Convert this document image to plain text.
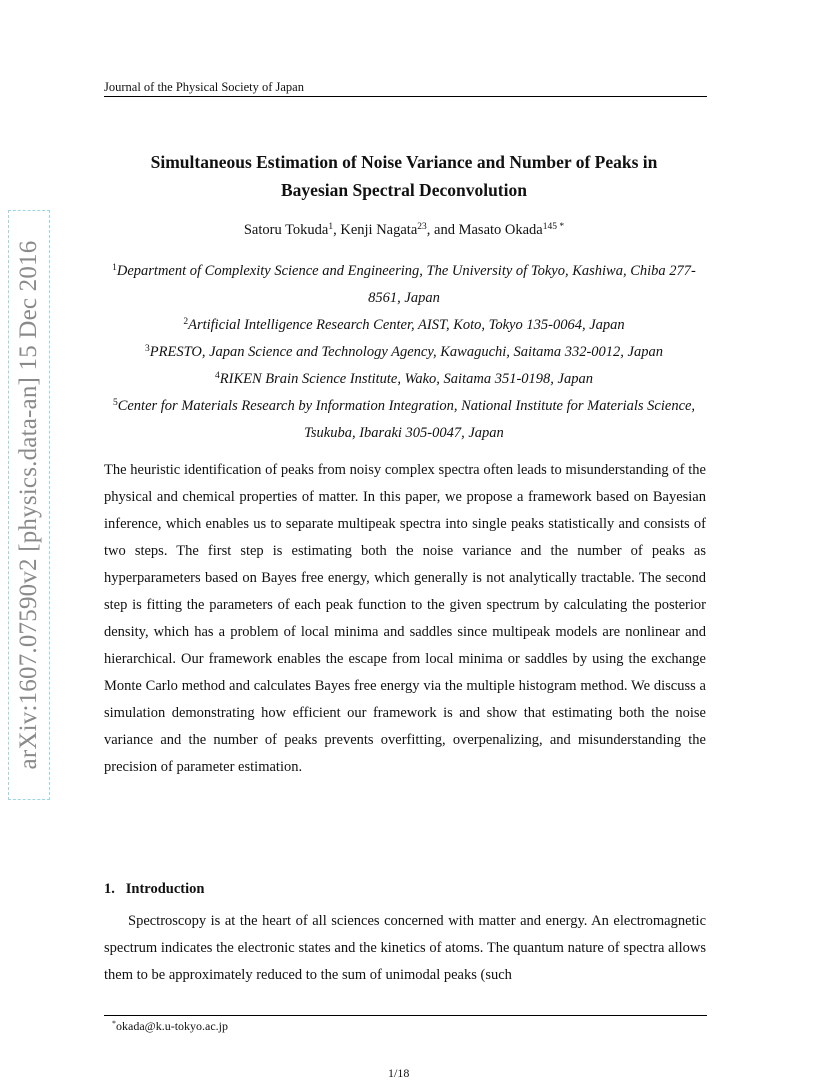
Journal of the Physical Society of Japan
arXiv:1607.07590v2 [physics.data-an] 15 Dec 2016
Simultaneous Estimation of Noise Variance and Number of Peaks in
Bayesian Spectral Deconvolution
Satoru Tokuda$^1$, Kenji Nagata$^{23}$, and Masato Okada$^{145 *}$
$^1$Department of Complexity Science and Engineering, The University of Tokyo, Kashiwa, Chiba 277-8561, Japan
$^2$Artificial Intelligence Research Center, AIST, Koto, Tokyo 135-0064, Japan
$^3$PRESTO, Japan Science and Technology Agency, Kawaguchi, Saitama 332-0012, Japan
$^4$RIKEN Brain Science Institute, Wako, Saitama 351-0198, Japan
$^5$Center for Materials Research by Information Integration, National Institute for Materials Science, Tsukuba, Ibaraki 305-0047, Japan

The heuristic identification of peaks from noisy complex spectra often leads to misunderstanding of the physical and chemical properties of matter. In this paper, we propose a framework based on Bayesian inference, which enables us to separate multipeak spectra into single peaks statistically and consists of two steps. The first step is estimating both the noise variance and the number of peaks as hyperparameters based on Bayes free energy, which generally is not analytically tractable. The second step is fitting the parameters of each peak function to the given spectrum by calculating the posterior density, which has a problem of local minima and saddles since multipeak models are nonlinear and hierarchical. Our framework enables the escape from local minima or saddles by using the exchange Monte Carlo method and calculates Bayes free energy via the multiple histogram method. We discuss a simulation demonstrating how efficient our framework is and show that estimating both the noise variance and the number of peaks prevents overfitting, overpenalizing, and misunderstanding the precision of parameter estimation.

1. Introduction

Spectroscopy is at the heart of all sciences concerned with matter and energy. An electromagnetic spectrum indicates the electronic states and the kinetics of atoms. The quantum nature of spectra allows them to be approximately reduced to the sum of unimodal peaks (such

*okada@k.u-tokyo.ac.jp
1/18
